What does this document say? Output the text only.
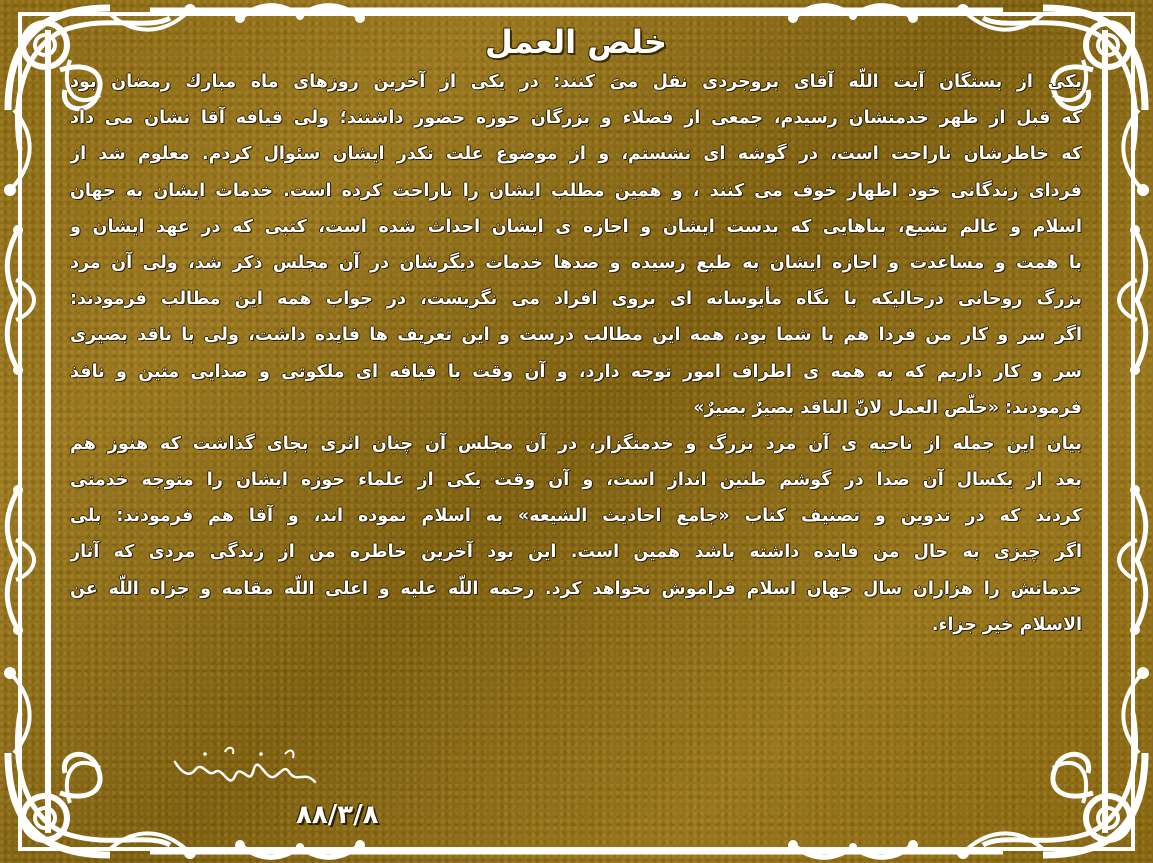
خلص العمل
یکی از بستگان آیت اللّه آقای بروجردی نقل میَ کنند: در یکی از آخرین روزهای ماه مبارك رمضان بود
که قبل از ظهر خدمتشان رسیدم، جمعی از فضلاء و بزرگان حوزه حضور داشتند؛ ولی قیافه آقا نشان می داد
که خاطرشان ناراحت است، در گوشه ای نشستم، و از موضوع علت تکدر ایشان سئوال کردم. معلوم شد از
فردای زندگانی خود اظهار خوف می کنند ، و همین مطلب ایشان را ناراحت کرده است. خدمات ایشان به جهان
اسلام و عالم تشیع، بناهایی که بدست ایشان و اجازه ی ایشان احداث شده است، کتبی که در عهد ایشان و
با همت و مساعدت و اجازه ایشان به طبع رسیده و صدها خدمات دیگرشان در آن مجلس ذکر شد، ولی آن مرد
بزرگ روحانی درحالیکه با نگاه مأیوسانه ای بروی افراد می نگریست، در جواب همه این مطالب فرمودند:
اگر سر و کار من فردا هم با شما بود، همه این مطالب درست و این تعریف ها فایده داشت، ولی با ناقد بصیری
سر و کار داریم که به همه ی اطراف امور توجه دارد، و آن وقت با قیافه ای ملکوتی و صدایی متین و نافذ
فرمودند: «خلّص العمل لانّ الناقد بصیرٌ بصیرٌ»
بیان این جمله از ناحیه ی آن مرد بزرگ و خدمتگزار، در آن مجلس آن چنان اثری بجای گذاشت که هنوز هم
بعد از یکسال آن صدا در گوشم طنین انداز است، و آن وقت یکی از علماء حوزه ایشان را متوجه خدمتی
کردند که در تدوین و تصنیف کتاب «جامع احادیث الشیعه» به اسلام نموده اند، و آقا هم فرمودند: بلی
اگر چیزی به حال من فایده داشته باشد همین است. این بود آخرین خاطره من از زندگی مردی که آثار
خدماتش را هزاران سال جهان اسلام فراموش نخواهد کرد. رحمه اللّه علیه و اعلی اللّه مقامه و جزاه اللّه عن
الاسلام خیر جزاء.
۸۸/۳/۸
